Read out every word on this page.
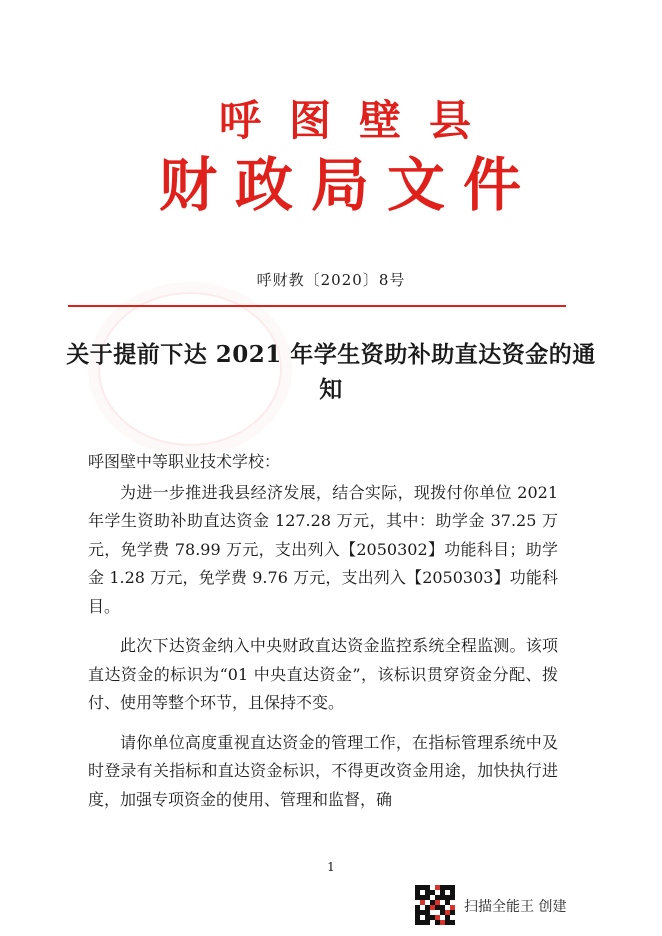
呼图壁县
财政局文件
呼财教〔2020〕8号
关于提前下达 2021 年学生资助补助直达资金的通知

呼图壁中等职业技术学校：

为进一步推进我县经济发展，结合实际，现拨付你单位 2021 年学生资助补助直达资金 127.28 万元，其中：助学金 37.25 万元，免学费 78.99 万元，支出列入【2050302】功能科目；助学金 1.28 万元，免学费 9.76 万元，支出列入【2050303】功能科目。

此次下达资金纳入中央财政直达资金监控系统全程监测。该项直达资金的标识为“01 中央直达资金”，该标识贯穿资金分配、拨付、使用等整个环节，且保持不变。

请你单位高度重视直达资金的管理工作，在指标管理系统中及时登录有关指标和直达资金标识，不得更改资金用途，加快执行进度，加强专项资金的使用、管理和监督，确

1
扫描全能王 创建
